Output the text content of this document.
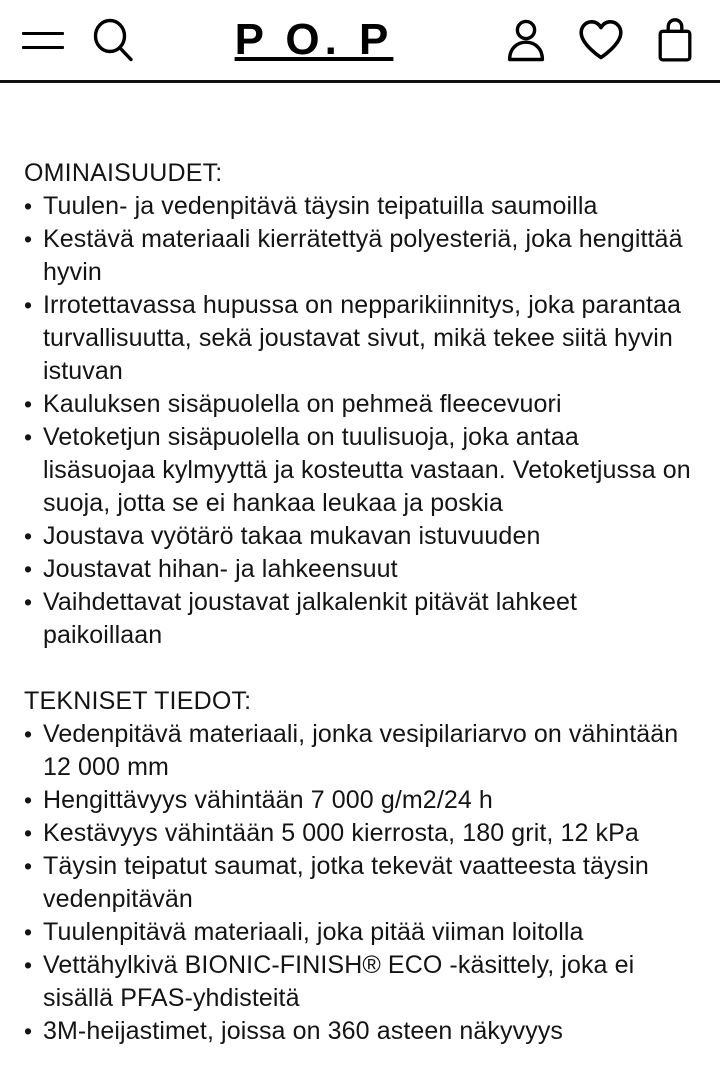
P O. P
OMINAISUUDET:
• Tuulen- ja vedenpitävä täysin teipatuilla saumoilla
• Kestävä materiaali kierrätettyä polyesteriä, joka hengittää hyvin
• Irrotettavassa hupussa on nepparikiinnitys, joka parantaa turvallisuutta, sekä joustavat sivut, mikä tekee siitä hyvin istuvan
• Kauluksen sisäpuolella on pehmeä fleecevuori
• Vetoketjun sisäpuolella on tuulisuoja, joka antaa lisäsuojaa kylmyyttä ja kosteutta vastaan. Vetoketjussa on suoja, jotta se ei hankaa leukaa ja poskia
• Joustava vyötärö takaa mukavan istuvuuden
• Joustavat hihan- ja lahkeensuut
• Vaihdettavat joustavat jalkalenkit pitävät lahkeet paikoillaan
TEKNISET TIEDOT:
• Vedenpitävä materiaali, jonka vesipilariarvo on vähintään 12 000 mm
• Hengittävyys vähintään 7 000 g/m2/24 h
• Kestävyys vähintään 5 000 kierrosta, 180 grit, 12 kPa
• Täysin teipatut saumat, jotka tekevät vaatteesta täysin vedenpitävän
• Tuulenpitävä materiaali, joka pitää viiman loitolla
• Vettähylkivä BIONIC-FINISH® ECO -käsittely, joka ei sisällä PFAS-yhdisteitä
• 3M-heijastimet, joissa on 360 asteen näkyvyys
